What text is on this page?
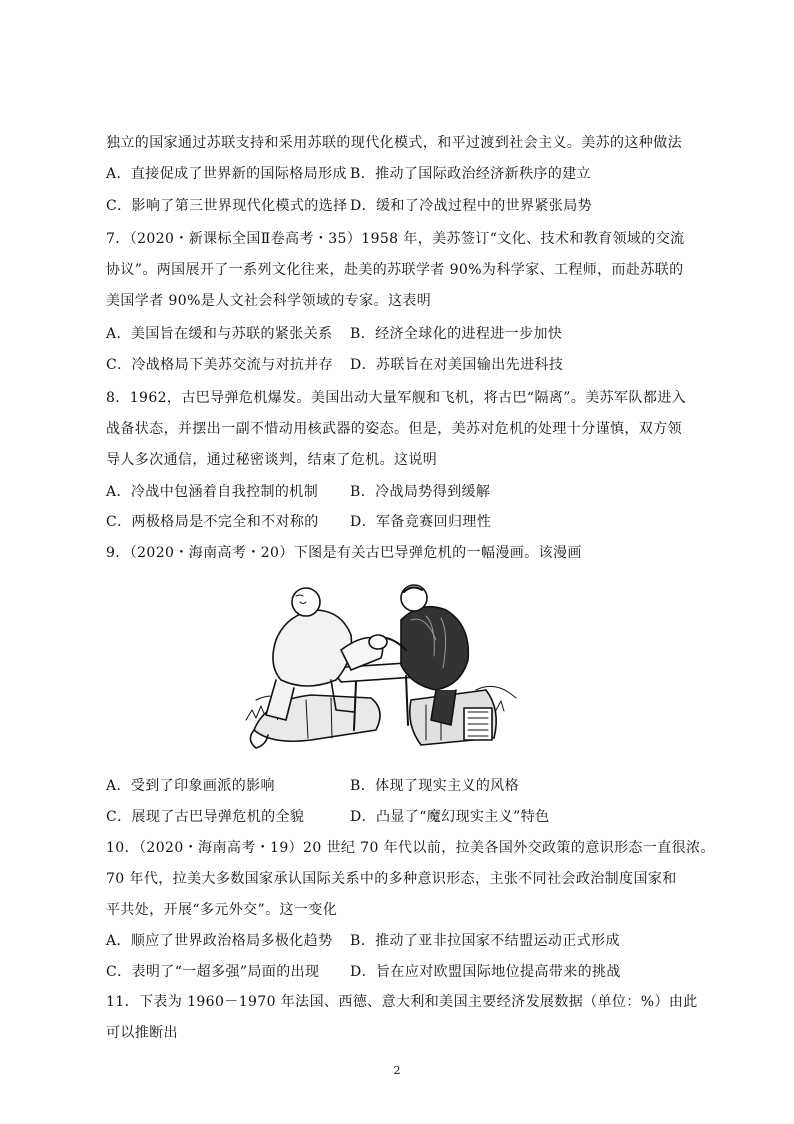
独立的国家通过苏联支持和采用苏联的现代化模式，和平过渡到社会主义。美苏的这种做法
A．直接促成了世界新的国际格局形成 B．推动了国际政治经济新秩序的建立
C．影响了第三世界现代化模式的选择 D．缓和了冷战过程中的世界紧张局势
7．（2020・新课标全国Ⅱ卷高考・35）1958 年，美苏签订“文化、技术和教育领域的交流
协议”。两国展开了一系列文化往来，赴美的苏联学者 90%为科学家、工程师，而赴苏联的
美国学者 90%是人文社会科学领域的专家。这表明
A．美国旨在缓和与苏联的紧张关系 B．经济全球化的进程进一步加快
C．冷战格局下美苏交流与对抗并存 D．苏联旨在对美国输出先进科技
8．1962，古巴导弹危机爆发。美国出动大量军舰和飞机，将古巴“隔离”。美苏军队都进入
战备状态，并摆出一副不惜动用核武器的姿态。但是，美苏对危机的处理十分谨慎，双方领
导人多次通信，通过秘密谈判，结束了危机。这说明
A．冷战中包涵着自我控制的机制 B．冷战局势得到缓解
C．两极格局是不完全和不对称的 D．军备竞赛回归理性
9．（2020・海南高考・20）下图是有关古巴导弹危机的一幅漫画。该漫画
A．受到了印象画派的影响	B．体现了现实主义的风格
C．展现了古巴导弹危机的全貌	D．凸显了“魔幻现实主义”特色
10．（2020・海南高考・19）20 世纪 70 年代以前，拉美各国外交政策的意识形态一直很浓。
70 年代，拉美大多数国家承认国际关系中的多种意识形态，主张不同社会政治制度国家和
平共处，开展“多元外交”。这一变化
A．顺应了世界政治格局多极化趋势 B．推动了亚非拉国家不结盟运动正式形成
C．表明了“一超多强”局面的出现 D．旨在应对欧盟国际地位提高带来的挑战
11．下表为 1960－1970 年法国、西德、意大利和美国主要经济发展数据（单位：%）由此
可以推断出
2
